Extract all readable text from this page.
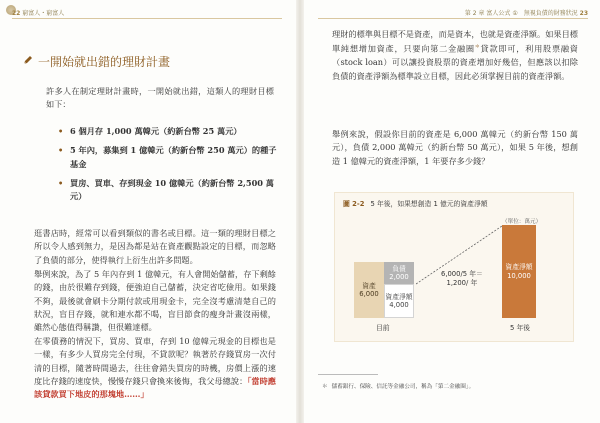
22 窮富人・窮富人
一開始就出錯的理財計畫

許多人在制定理財計畫時，一開始就出錯，這類人的理財目標如下：

• 6 個月存 1,000 萬韓元（約新台幣 25 萬元）
• 5 年內，募集到 1 億韓元（約新台幣 250 萬元）的種子基金
• 買房、買車、存到現金 10 億韓元（約新台幣 2,500 萬元）

逛書店時，經常可以看到類似的書名或目標。這一類的理財目標之所以令人感到無力，是因為都是站在資產觀點設定的目標，而忽略了負債的部分，使得執行上衍生出許多問題。

舉例來說，為了 5 年內存到 1 億韓元，有人會開始儲蓄，存下剩餘的錢，由於很難存到錢，便強迫自己儲蓄，決定省吃儉用。如果錢不夠，最後就會刷卡分期付款或用現金卡，完全沒考慮清楚自己的狀況，盲目存錢，就和連水都不喝，盲目節食的瘦身計畫沒兩樣，雖然心態值得稱讚，但很難達標。

在零債務的情況下，買房、買車，存到 10 億韓元現金的目標也是一樣，有多少人買房完全付現，不貸款呢？執著於存錢買房一次付清的目標，隨著時間過去，往往會錯失買房的時機，房價上漲的速度比存錢的速度快，慢慢存錢只會換來後悔，我父母總說：「當時應該貸款買下地皮的那塊地……」

第 2 章 富人公式 ①　無視負債的財務狀況 23

理財的標準與目標不是資產，而是資本，也就是資產淨額。如果目標單純想增加資產，只要向第二金融圈＊貸款即可，利用股票融資（stock loan）可以讓投資股票的資產增加好幾倍，但應該以扣除負債的資產淨額為標準設立目標，因此必須掌握目前的資產淨額。

舉例來說，假設你目前的資產是 6,000 萬韓元（約新台幣 150 萬元），負債 2,000 萬韓元（約新台幣 50 萬元），如果 5 年後，想創造 1 億韓元的資產淨額，1 年要存多少錢？

圖 2-2 5 年後，如果想創造 1 億元的資產淨額
（單位：萬元）
資產
6,000
負債
2,000
資產淨額
4,000
資產淨額
10,000
6,000/5 年＝
1,200/ 年
目前	5 年後
＊ 儲蓄銀行、保險、信託等金融公司，稱為「第二金融圈」。
